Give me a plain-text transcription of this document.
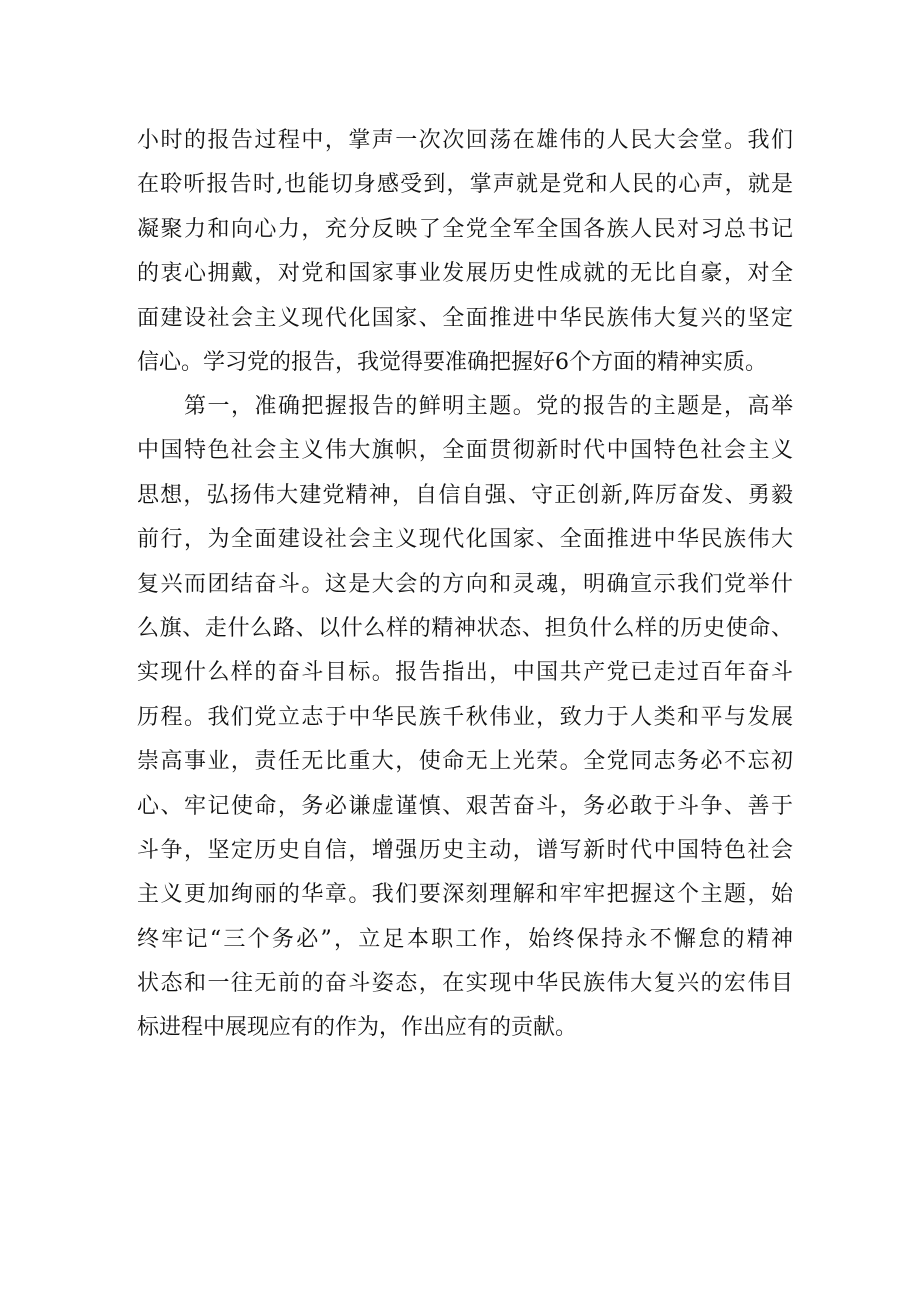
小时的报告过程中，掌声一次次回荡在雄伟的人民大会堂。我们
在聆听报告时,也能切身感受到，掌声就是党和人民的心声，就是
凝聚力和向心力，充分反映了全党全军全国各族人民对习总书记
的衷心拥戴，对党和国家事业发展历史性成就的无比自豪，对全
面建设社会主义现代化国家、全面推进中华民族伟大复兴的坚定
信心。学习党的报告，我觉得要准确把握好6个方面的精神实质。
第一，准确把握报告的鲜明主题。党的报告的主题是，高举
中国特色社会主义伟大旗帜，全面贯彻新时代中国特色社会主义
思想，弘扬伟大建党精神，自信自强、守正创新,阵厉奋发、勇毅
前行，为全面建设社会主义现代化国家、全面推进中华民族伟大
复兴而团结奋斗。这是大会的方向和灵魂，明确宣示我们党举什
么旗、走什么路、以什么样的精神状态、担负什么样的历史使命、
实现什么样的奋斗目标。报告指出，中国共产党已走过百年奋斗
历程。我们党立志于中华民族千秋伟业，致力于人类和平与发展
崇高事业，责任无比重大，使命无上光荣。全党同志务必不忘初
心、牢记使命，务必谦虚谨慎、艰苦奋斗，务必敢于斗争、善于
斗争，坚定历史自信，增强历史主动，谱写新时代中国特色社会
主义更加绚丽的华章。我们要深刻理解和牢牢把握这个主题，始
终牢记“三个务必”，立足本职工作，始终保持永不懈怠的精神
状态和一往无前的奋斗姿态，在实现中华民族伟大复兴的宏伟目
标进程中展现应有的作为，作出应有的贡献。
